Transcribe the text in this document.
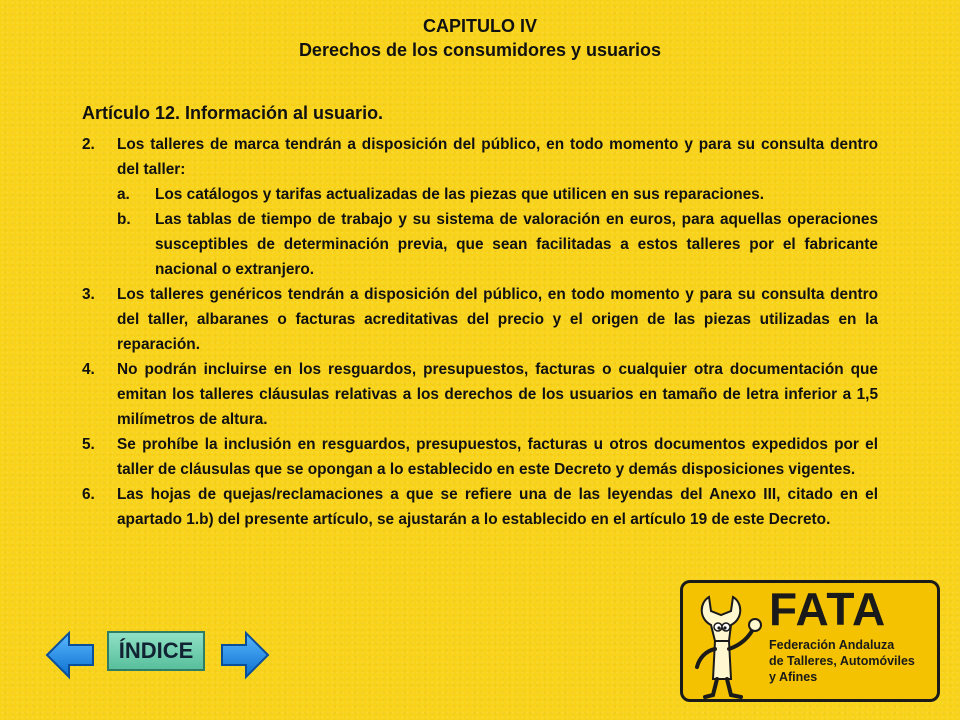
CAPITULO IV
Derechos de los consumidores y usuarios
Artículo 12. Información al usuario.
2.	Los talleres de marca tendrán a disposición del público, en todo momento y para su consulta dentro del taller:
a.	Los catálogos y tarifas actualizadas de las piezas que utilicen en sus reparaciones.
b.	Las tablas de tiempo de trabajo y su sistema de valoración en euros, para aquellas operaciones susceptibles de determinación previa, que sean facilitadas a estos talleres por el fabricante nacional o extranjero.
3.	Los talleres genéricos tendrán a disposición del público, en todo momento y para su consulta dentro del taller, albaranes o facturas acreditativas del precio y el origen de las piezas utilizadas en la reparación.
4.	No podrán incluirse en los resguardos, presupuestos, facturas o cualquier otra documentación que emitan los talleres cláusulas relativas a los derechos de los usuarios en tamaño de letra inferior a 1,5 milímetros de altura.
5.	Se prohíbe la inclusión en resguardos, presupuestos, facturas u otros documentos expedidos por el taller de cláusulas que se opongan a lo establecido en este Decreto y demás disposiciones vigentes.
6.	Las hojas de quejas/reclamaciones a que se refiere una de las leyendas del Anexo III, citado en el apartado 1.b) del presente artículo, se ajustarán a lo establecido en el artículo 19 de este Decreto.
ÍNDICE
FATA
Federación Andaluza
de Talleres, Automóviles
y Afines
